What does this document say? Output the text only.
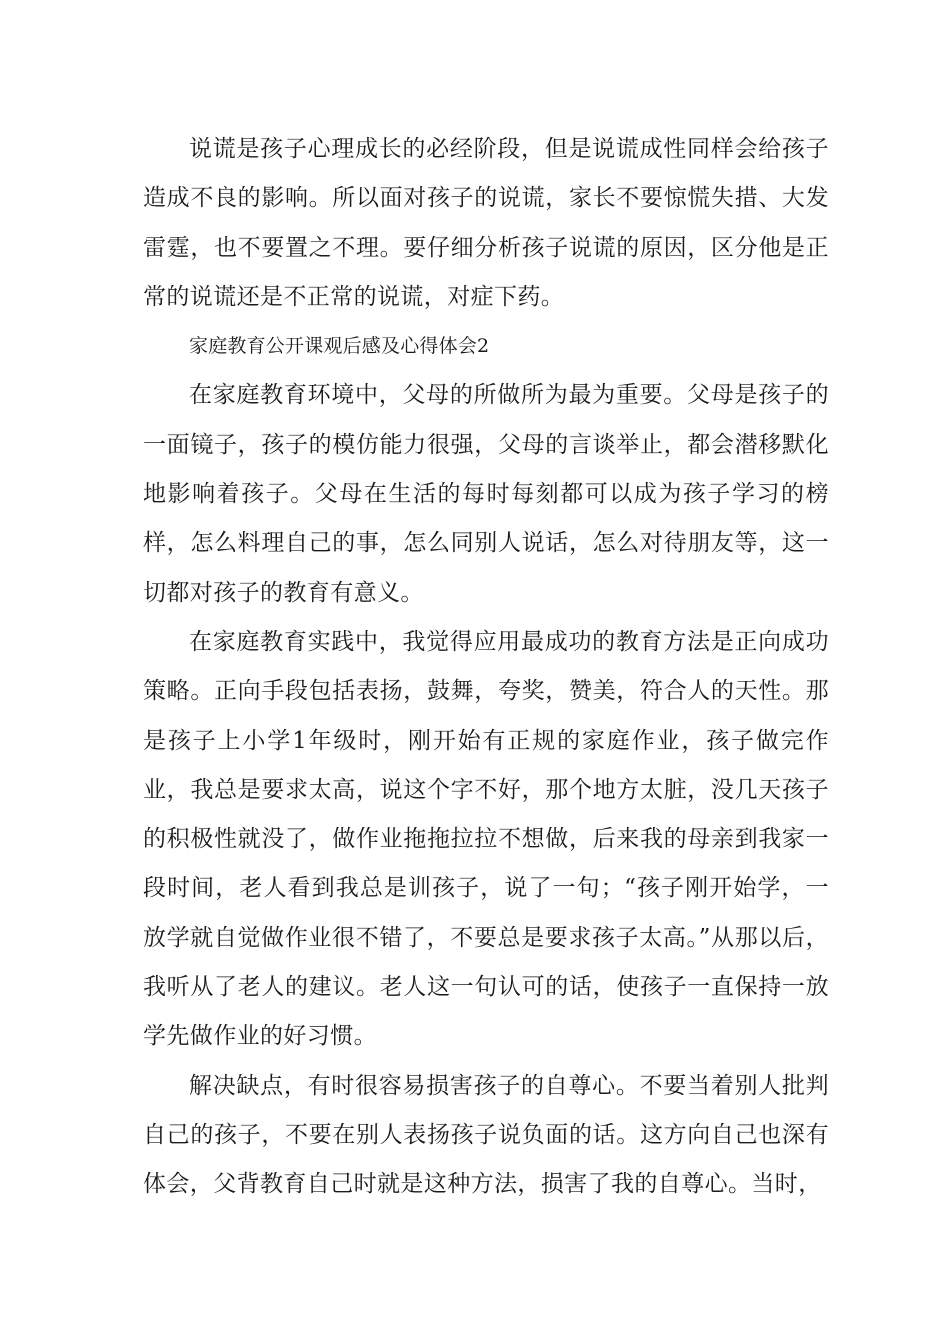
说谎是孩子心理成长的必经阶段，但是说谎成性同样会给孩子造成不良的影响。所以面对孩子的说谎，家长不要惊慌失措、大发雷霆，也不要置之不理。要仔细分析孩子说谎的原因，区分他是正常的说谎还是不正常的说谎，对症下药。

家庭教育公开课观后感及心得体会2

在家庭教育环境中，父母的所做所为最为重要。父母是孩子的一面镜子，孩子的模仿能力很强，父母的言谈举止，都会潜移默化地影响着孩子。父母在生活的每时每刻都可以成为孩子学习的榜样，怎么料理自己的事，怎么同别人说话，怎么对待朋友等，这一切都对孩子的教育有意义。

在家庭教育实践中，我觉得应用最成功的教育方法是正向成功策略。正向手段包括表扬，鼓舞，夸奖，赞美，符合人的天性。那是孩子上小学1年级时，刚开始有正规的家庭作业，孩子做完作业，我总是要求太高，说这个字不好，那个地方太脏，没几天孩子的积极性就没了，做作业拖拖拉拉不想做，后来我的母亲到我家一段时间，老人看到我总是训孩子，说了一句；“孩子刚开始学，一放学就自觉做作业很不错了，不要总是要求孩子太高。”从那以后，我听从了老人的建议。老人这一句认可的话，使孩子一直保持一放学先做作业的好习惯。

解决缺点，有时很容易损害孩子的自尊心。不要当着别人批判自己的孩子，不要在别人表扬孩子说负面的话。这方向自己也深有体会，父背教育自己时就是这种方法，损害了我的自尊心。当时，
